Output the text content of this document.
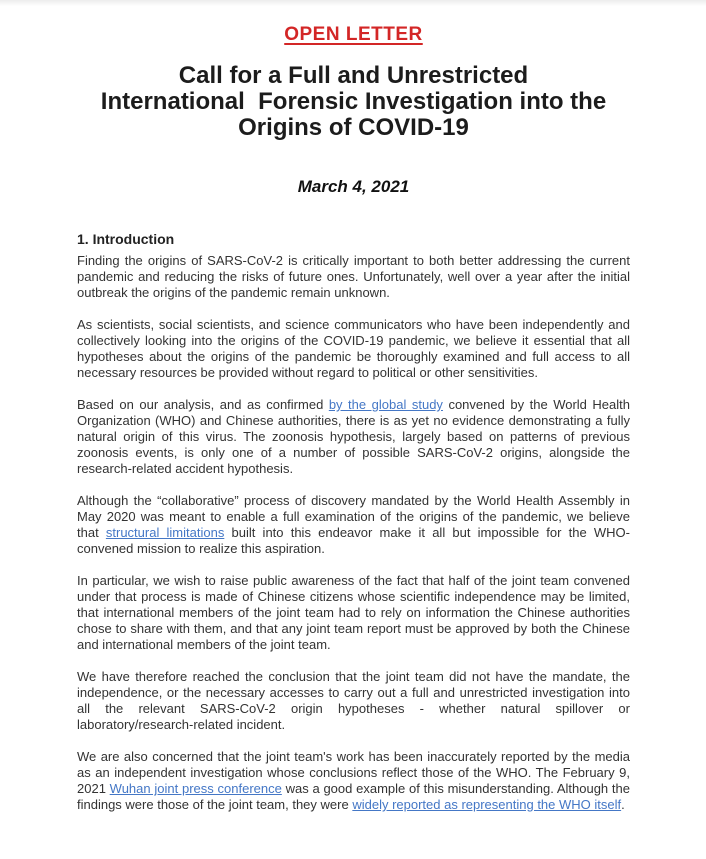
OPEN LETTER
Call for a Full and Unrestricted
International  Forensic Investigation into the
Origins of COVID-19
March 4, 2021
1. Introduction

Finding the origins of SARS-CoV-2 is critically important to both better addressing the current pandemic and reducing the risks of future ones. Unfortunately, well over a year after the initial outbreak the origins of the pandemic remain unknown.

As scientists, social scientists, and science communicators who have been independently and collectively looking into the origins of the COVID-19 pandemic, we believe it essential that all hypotheses about the origins of the pandemic be thoroughly examined and full access to all necessary resources be provided without regard to political or other sensitivities.

Based on our analysis, and as confirmed by the global study convened by the World Health Organization (WHO) and Chinese authorities, there is as yet no evidence demonstrating a fully natural origin of this virus. The zoonosis hypothesis, largely based on patterns of previous zoonosis events, is only one of a number of possible SARS-CoV-2 origins, alongside the research-related accident hypothesis.

Although the “collaborative” process of discovery mandated by the World Health Assembly in May 2020 was meant to enable a full examination of the origins of the pandemic, we believe that structural limitations built into this endeavor make it all but impossible for the WHO-convened mission to realize this aspiration.

In particular, we wish to raise public awareness of the fact that half of the joint team convened under that process is made of Chinese citizens whose scientific independence may be limited, that international members of the joint team had to rely on information the Chinese authorities chose to share with them, and that any joint team report must be approved by both the Chinese and international members of the joint team.

We have therefore reached the conclusion that the joint team did not have the mandate, the independence, or the necessary accesses to carry out a full and unrestricted investigation into all the relevant SARS-CoV-2 origin hypotheses - whether natural spillover or laboratory/research-related incident.

We are also concerned that the joint team's work has been inaccurately reported by the media as an independent investigation whose conclusions reflect those of the WHO. The February 9, 2021 Wuhan joint press conference was a good example of this misunderstanding. Although the findings were those of the joint team, they were widely reported as representing the WHO itself.
